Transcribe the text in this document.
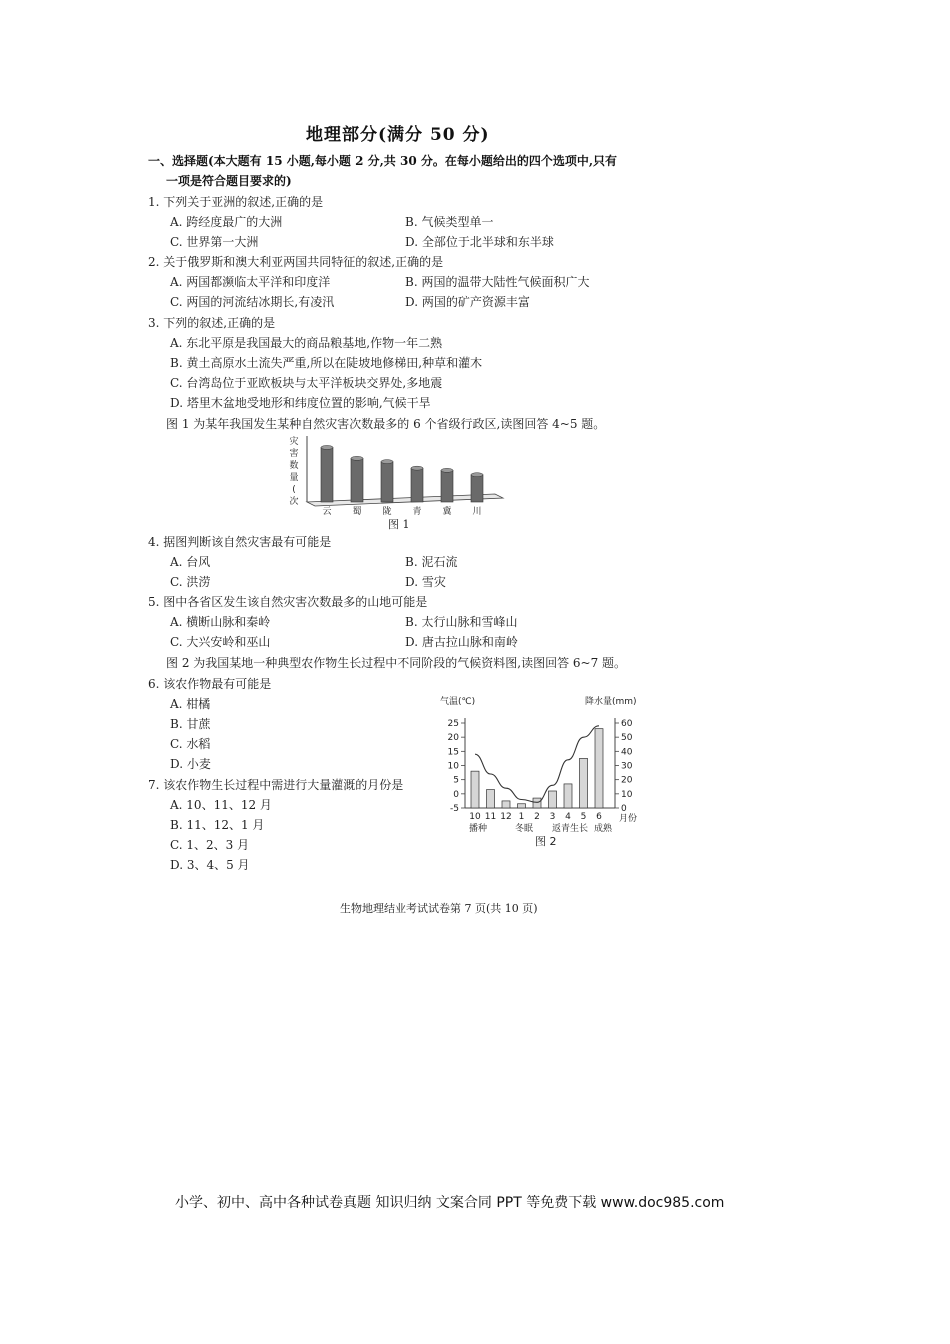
地理部分(满分 50 分)
一、选择题(本大题有 15 小题,每小题 2 分,共 30 分。在每小题给出的四个选项中,只有
一项是符合题目要求的)
1. 下列关于亚洲的叙述,正确的是
A. 跨经度最广的大洲	B. 气候类型单一
C. 世界第一大洲	D. 全部位于北半球和东半球
2. 关于俄罗斯和澳大利亚两国共同特征的叙述,正确的是
A. 两国都濒临太平洋和印度洋	B. 两国的温带大陆性气候面积广大
C. 两国的河流结冰期长,有凌汛	D. 两国的矿产资源丰富
3. 下列的叙述,正确的是
A. 东北平原是我国最大的商品粮基地,作物一年二熟
B. 黄土高原水土流失严重,所以在陡坡地修梯田,种草和灌木
C. 台湾岛位于亚欧板块与太平洋板块交界处,多地震
D. 塔里木盆地受地形和纬度位置的影响,气候干旱
图 1 为某年我国发生某种自然灾害次数最多的 6 个省级行政区,读图回答 4~5 题。
灾
害
数
量
(
次
云 蜀 陇 青 冀 川
图 1
4. 据图判断该自然灾害最有可能是
A. 台风	B. 泥石流
C. 洪涝	D. 雪灾
5. 图中各省区发生该自然灾害次数最多的山地可能是
A. 横断山脉和秦岭	B. 太行山脉和雪峰山
C. 大兴安岭和巫山	D. 唐古拉山脉和南岭
图 2 为我国某地一种典型农作物生长过程中不同阶段的气候资料图,读图回答 6~7 题。
6. 该农作物最有可能是
A. 柑橘
B. 甘蔗
C. 水稻
D. 小麦
7. 该农作物生长过程中需进行大量灌溉的月份是
A. 10、11、12 月
B. 11、12、1 月
C. 1、2、3 月
D. 3、4、5 月
气温(℃)	降水量(mm)
25
20
15
10
5
0
-5
60
50
40
30
20
10
0
10 11 12 1 2 3 4 5 6 月份
播种	冬眠 返青生长 成熟
图 2
生物地理结业考试试卷第 7 页(共 10 页)
小学、初中、高中各种试卷真题 知识归纳 文案合同 PPT 等免费下载 www.doc985.com
